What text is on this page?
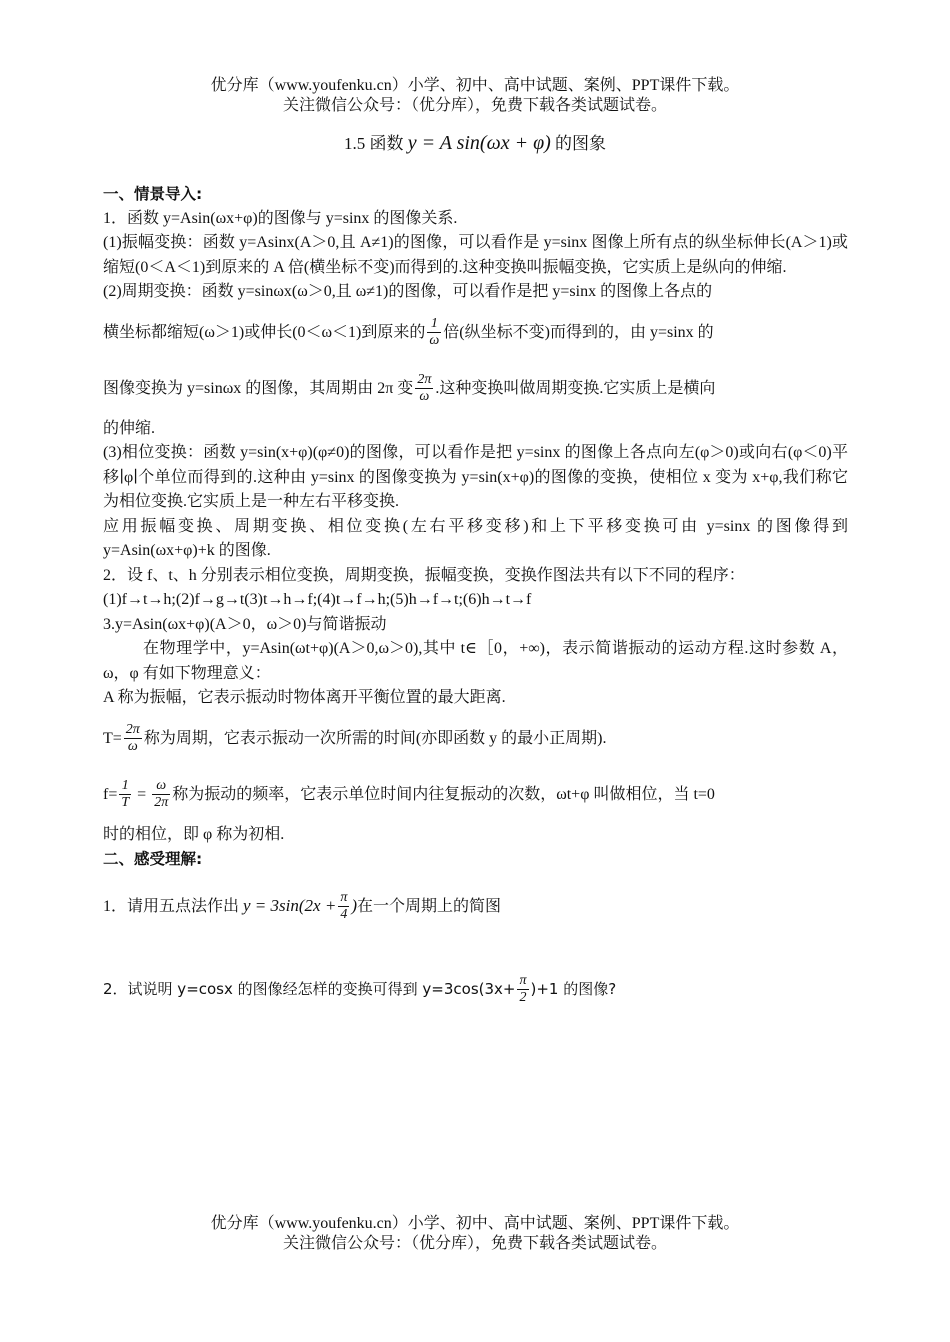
优分库（www.youfenku.cn）小学、初中、高中试题、案例、PPT课件下载。
关注微信公众号：（优分库），免费下载各类试题试卷。
1.5 函数 y = A sin(ωx + φ) 的图象

一、情景导入:

1．函数 y=Asin(ωx+φ)的图像与 y=sinx 的图像关系.

(1)振幅变换：函数 y=Asinx(A＞0,且 A≠1)的图像，可以看作是 y=sinx 图像上所有点的纵坐标伸长(A＞1)或缩短(0＜A＜1)到原来的 A 倍(横坐标不变)而得到的.这种变换叫振幅变换，它实质上是纵向的伸缩.

(2)周期变换：函数 y=sinωx(ω＞0,且 ω≠1)的图像，可以看作是把 y=sinx 的图像上各点的

横坐标都缩短(ω＞1)或伸长(0＜ω＜1)到原来的 $\frac{1}{\omega}$ 倍(纵坐标不变)而得到的，由 y=sinx 的

图像变换为 y=sinωx 的图像，其周期由 2π 变 $\frac{2\pi}{\omega}$ .这种变换叫做周期变换.它实质上是横向

的伸缩.

(3)相位变换：函数 y=sin(x+φ)(φ≠0)的图像，可以看作是把 y=sinx 的图像上各点向左(φ＞0)或向右(φ＜0)平移∣φ∣个单位而得到的.这种由 y=sinx 的图像变换为 y=sin(x+φ)的图像的变换，使相位 x 变为 x+φ,我们称它为相位变换.它实质上是一种左右平移变换.

应用振幅变换、周期变换、相位变换(左右平移变移)和上下平移变换可由 y=sinx 的图像得到 y=Asin(ωx+φ)+k 的图像.

2．设 f、t、h 分别表示相位变换，周期变换，振幅变换，变换作图法共有以下不同的程序：

(1)f→t→h;(2)f→g→t(3)t→h→f;(4)t→f→h;(5)h→f→t;(6)h→t→f

3.y=Asin(ωx+φ)(A＞0，ω＞0)与简谐振动

在物理学中，y=Asin(ωt+φ)(A＞0,ω＞0),其中 t∈［0，+∞)，表示简谐振动的运动方程.这时参数 A，ω，φ 有如下物理意义：

A 称为振幅，它表示振动时物体离开平衡位置的最大距离.

$T= \frac{2\pi}{\omega}$ 称为周期，它表示振动一次所需的时间(亦即函数 y 的最小正周期).

$f= \frac{1}{T} = \frac{\omega}{2\pi}$ 称为振动的频率，它表示单位时间内往复振动的次数，ωt+φ 叫做相位，当 t=0

时的相位，即 φ 称为初相.

二、感受理解:

1．请用五点法作出 $y = 3\sin(2x + \frac{\pi}{4}$ )在一个周期上的简图

2．试说明 y=cosx 的图像经怎样的变换可得到 $y=3\cos(3x+ \frac{\pi}{2} )+1$ 的图像?

优分库（www.youfenku.cn）小学、初中、高中试题、案例、PPT课件下载。
关注微信公众号：（优分库），免费下载各类试题试卷。
